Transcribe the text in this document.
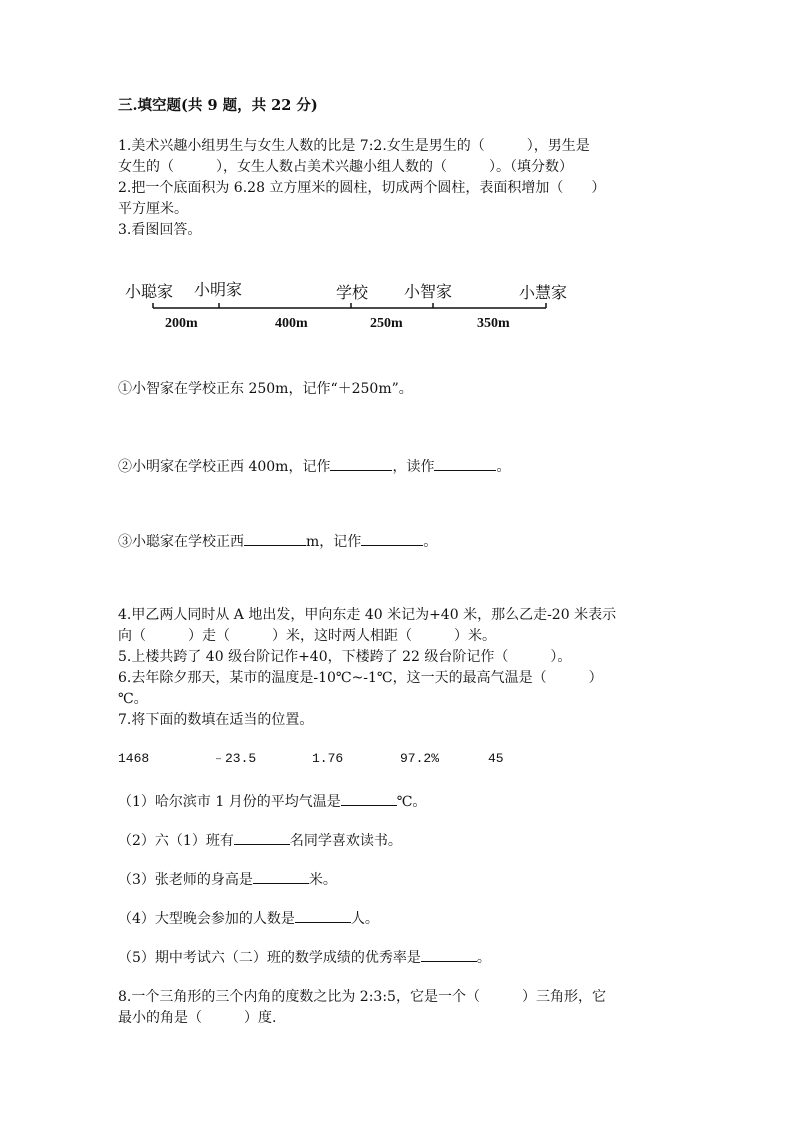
三.填空题(共 9 题，共 22 分)
1.美术兴趣小组男生与女生人数的比是 7:2.女生是男生的（　　　），男生是
女生的（　　　），女生人数占美术兴趣小组人数的（　　　）。（填分数）
2.把一个底面积为 6.28 立方厘米的圆柱，切成两个圆柱，表面积增加（　　）
平方厘米。
3.看图回答。
小聪家 小明家	学校 小智家	小慧家
200m	400m	250m	350m
①小智家在学校正东 250m，记作“＋250m”。
②小明家在学校正西 400m，记作	，读作	。
③小聪家在学校正西	m，记作	。
4.甲乙两人同时从 A 地出发，甲向东走 40 米记为+40 米，那么乙走-20 米表示
向（　　　）走（　　　）米，这时两人相距（　　　）米。
5.上楼共跨了 40 级台阶记作+40，下楼跨了 22 级台阶记作（　　　）。
6.去年除夕那天，某市的温度是-10℃~-1℃，这一天的最高气温是（　　　）
℃。
7.将下面的数填在适当的位置。
1468	﹣23.5	1.76	97.2%	45
（1）哈尔滨市 1 月份的平均气温是	℃。
（2）六（1）班有	名同学喜欢读书。
（3）张老师的身高是	米。
（4）大型晚会参加的人数是	人。
（5）期中考试六（二）班的数学成绩的优秀率是	。
8.一个三角形的三个内角的度数之比为 2:3:5，它是一个（　　　）三角形，它
最小的角是（　　　）度.
